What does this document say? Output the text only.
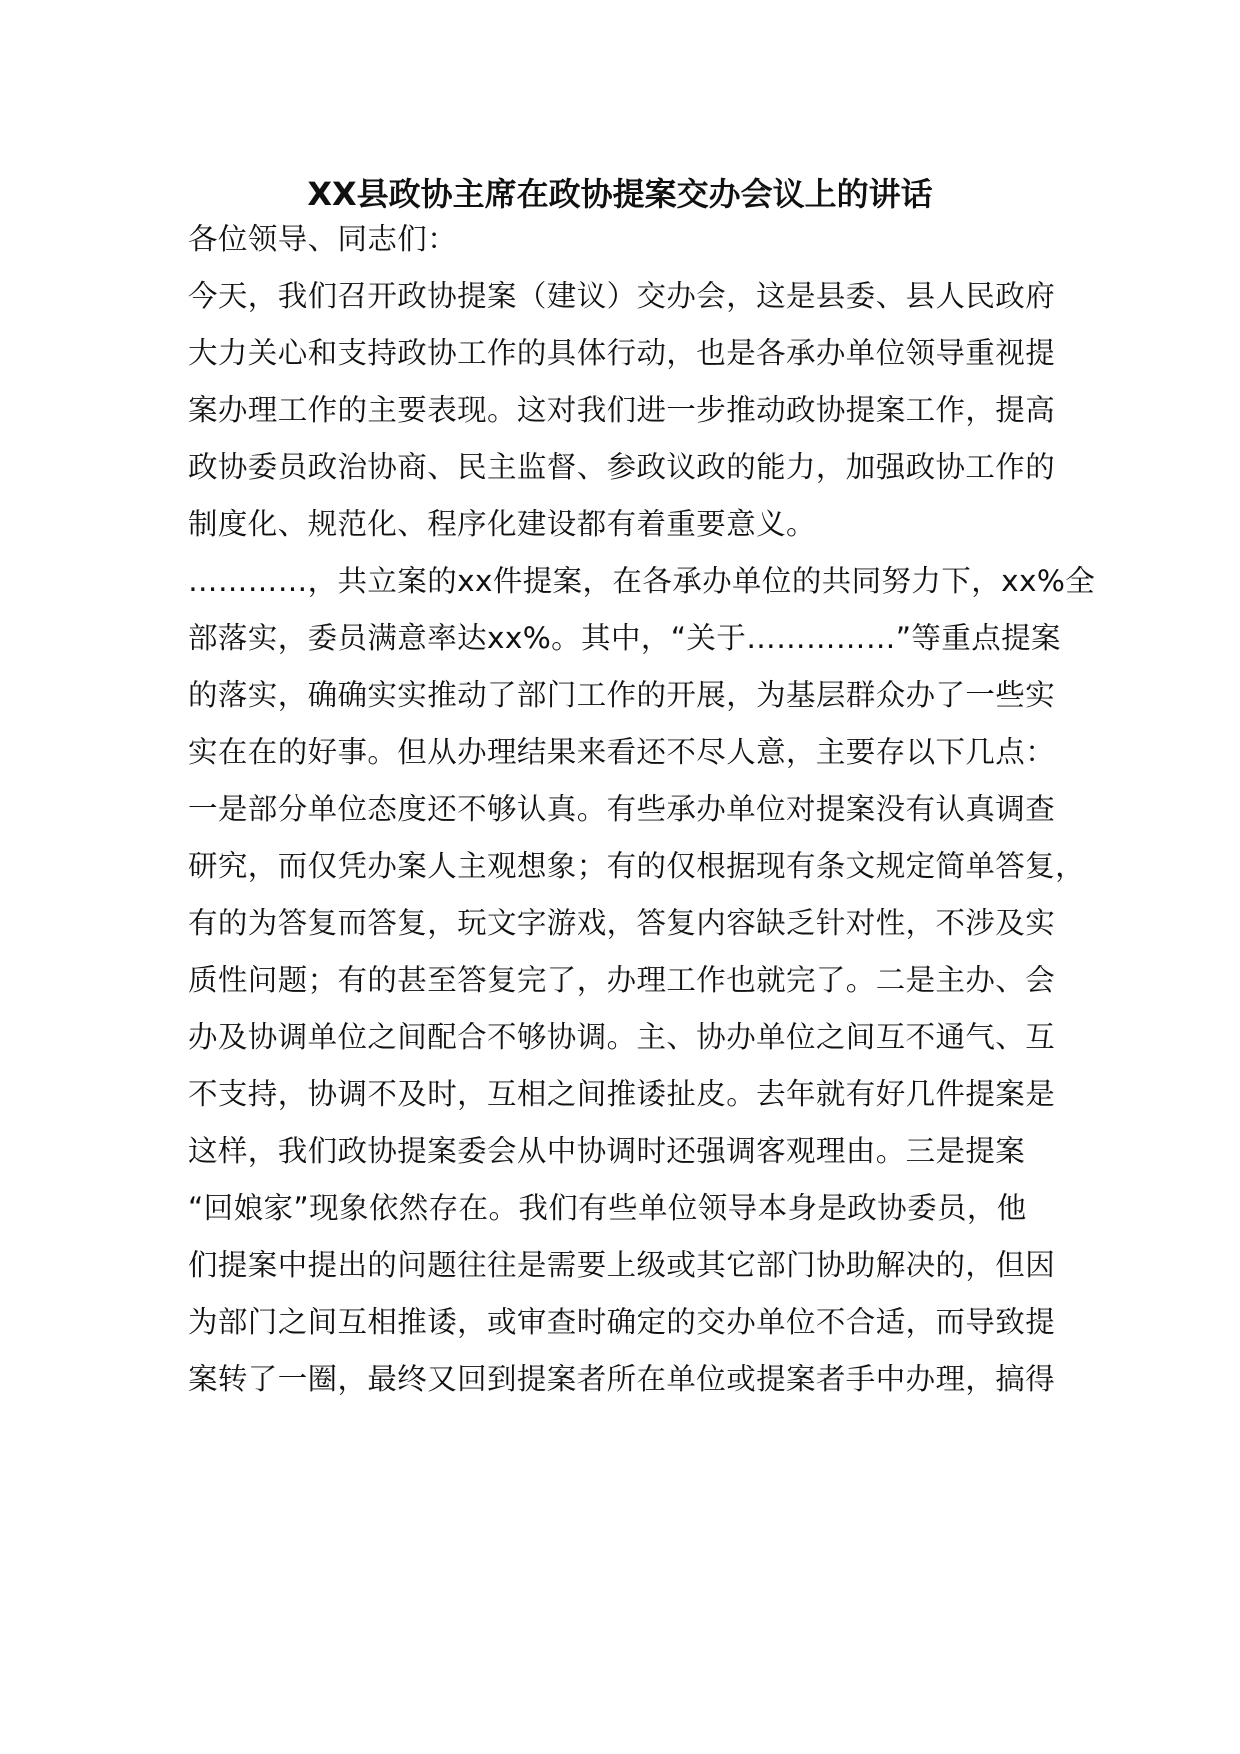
XX县政协主席在政协提案交办会议上的讲话
各位领导、同志们：
今天，我们召开政协提案（建议）交办会，这是县委、县人民政府
大力关心和支持政协工作的具体行动，也是各承办单位领导重视提
案办理工作的主要表现。这对我们进一步推动政协提案工作，提高
政协委员政治协商、民主监督、参政议政的能力，加强政协工作的
制度化、规范化、程序化建设都有着重要意义。
…………，共立案的xx件提案，在各承办单位的共同努力下，xx%全
部落实，委员满意率达xx%。其中，“关于……………”等重点提案
的落实，确确实实推动了部门工作的开展，为基层群众办了一些实
实在在的好事。但从办理结果来看还不尽人意，主要存以下几点：
一是部分单位态度还不够认真。有些承办单位对提案没有认真调查
研究，而仅凭办案人主观想象；有的仅根据现有条文规定简单答复，
有的为答复而答复，玩文字游戏，答复内容缺乏针对性，不涉及实
质性问题；有的甚至答复完了，办理工作也就完了。二是主办、会
办及协调单位之间配合不够协调。主、协办单位之间互不通气、互
不支持，协调不及时，互相之间推诿扯皮。去年就有好几件提案是
这样，我们政协提案委会从中协调时还强调客观理由。三是提案
“回娘家”现象依然存在。我们有些单位领导本身是政协委员，他
们提案中提出的问题往往是需要上级或其它部门协助解决的，但因
为部门之间互相推诿，或审查时确定的交办单位不合适，而导致提
案转了一圈，最终又回到提案者所在单位或提案者手中办理，搞得
